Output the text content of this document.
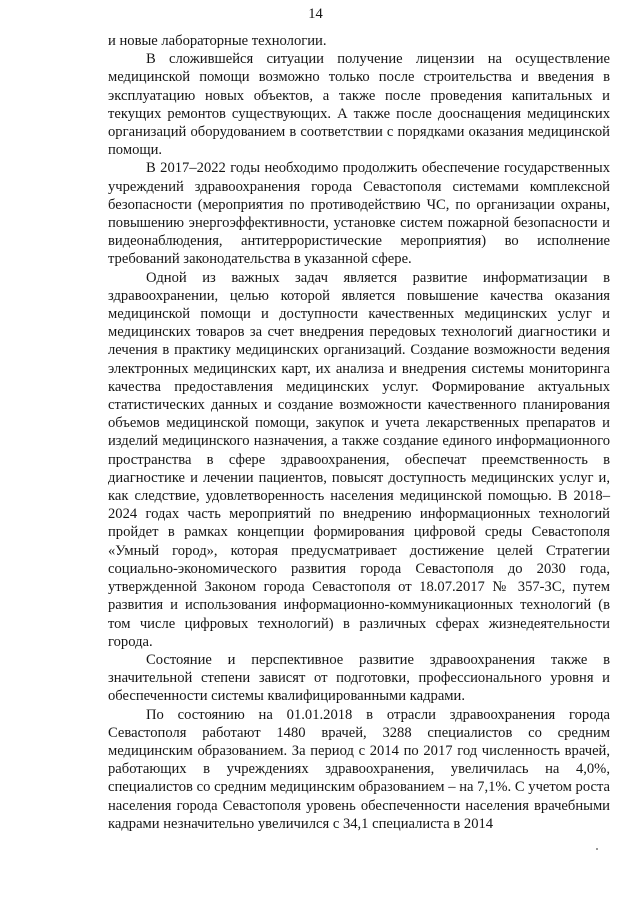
14

и новые лабораторные технологии.

В сложившейся ситуации получение лицензии на осуществление медицинской помощи возможно только после строительства и введения в эксплуатацию новых объектов, а также после проведения капитальных и текущих ремонтов существующих. А также после дооснащения медицинских организаций оборудованием в соответствии с порядками оказания медицинской помощи.

В 2017–2022 годы необходимо продолжить обеспечение государственных учреждений здравоохранения города Севастополя системами комплексной безопасности (мероприятия по противодействию ЧС, по организации охраны, повышению энергоэффективности, установке систем пожарной безопасности и видеонаблюдения, антитеррористические мероприятия) во исполнение требований законодательства в указанной сфере.

Одной из важных задач является развитие информатизации в здравоохранении, целью которой является повышение качества оказания медицинской помощи и доступности качественных медицинских услуг и медицинских товаров за счет внедрения передовых технологий диагностики и лечения в практику медицинских организаций. Создание возможности ведения электронных медицинских карт, их анализа и внедрения системы мониторинга качества предоставления медицинских услуг. Формирование актуальных статистических данных и создание возможности качественного планирования объемов медицинской помощи, закупок и учета лекарственных препаратов и изделий медицинского назначения, а также создание единого информационного пространства в сфере здравоохранения, обеспечат преемственность в диагностике и лечении пациентов, повысят доступность медицинских услуг и, как следствие, удовлетворенность населения медицинской помощью. В 2018–2024 годах часть мероприятий по внедрению информационных технологий пройдет в рамках концепции формирования цифровой среды Севастополя «Умный город», которая предусматривает достижение целей Стратегии социально-экономического развития города Севастополя до 2030 года, утвержденной Законом города Севастополя от 18.07.2017 № 357-ЗС, путем развития и использования информационно-коммуникационных технологий (в том числе цифровых технологий) в различных сферах жизнедеятельности города.

Состояние и перспективное развитие здравоохранения также в значительной степени зависят от подготовки, профессионального уровня и обеспеченности системы квалифицированными кадрами.

По состоянию на 01.01.2018 в отрасли здравоохранения города Севастополя работают 1480 врачей, 3288 специалистов со средним медицинским образованием. За период с 2014 по 2017 год численность врачей, работающих в учреждениях здравоохранения, увеличилась на 4,0%, специалистов со средним медицинским образованием – на 7,1%. С учетом роста населения города Севастополя уровень обеспеченности населения врачебными кадрами незначительно увеличился с 34,1 специалиста в 2014
